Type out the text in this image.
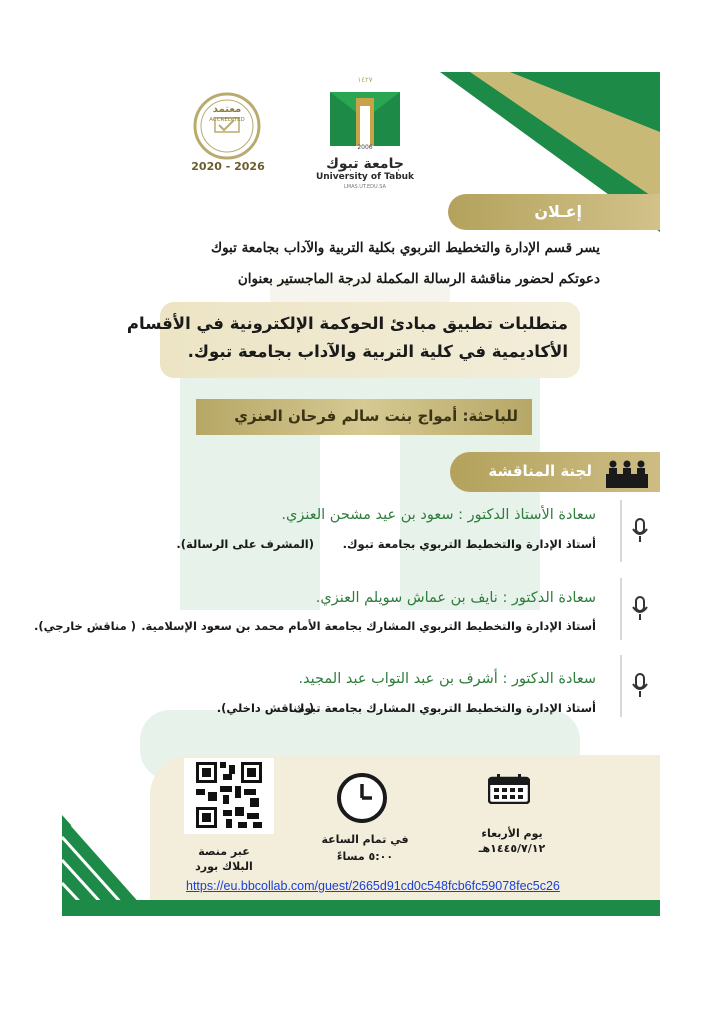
معتمد
ACCREDITED
2020 - 2026
١٤٢٧
2006
جامعة تبوك
University of Tabuk
LMAS.UT.EDU.SA
إعـلان
يسر قسم الإدارة والتخطيط التربوي بكلية التربية والآداب بجامعة تبوك
دعوتكم لحضور مناقشة الرسالة المكملة لدرجة الماجستير بعنوان
متطلبات تطبيق مبادئ الحوكمة الإلكترونية في الأقسام
الأكاديمية في كلية التربية والآداب بجامعة تبوك.
للباحثة: أمواج بنت سالم فرحان العنزي
لجنة المناقشة
سعادة الأستاذ الدكتور : سعود بن عيد مشحن العنزي.
أستاذ الإدارة والتخطيط التربوي بجامعة تبوك.
(المشرف على الرسالة).
سعادة الدكتور : نايف بن عماش سويلم العنزي.
أستاذ الإدارة والتخطيط التربوي المشارك بجامعة الأمام محمد بن سعود الإسلامية.
( مناقش خارجي).
سعادة الدكتور : أشرف بن عبد التواب عبد المجيد.
أستاذ الإدارة والتخطيط التربوي المشارك بجامعة تبوك.
( مناقش داخلي).
عبر منصة
البلاك بورد
في تمام الساعة
٥:٠٠ مساءً
يوم الأربعاء
١٤٤٥/٧/١٢هـ
https://eu.bbcollab.com/guest/2665d91cd0c548fcb6fc59078fec5c26
